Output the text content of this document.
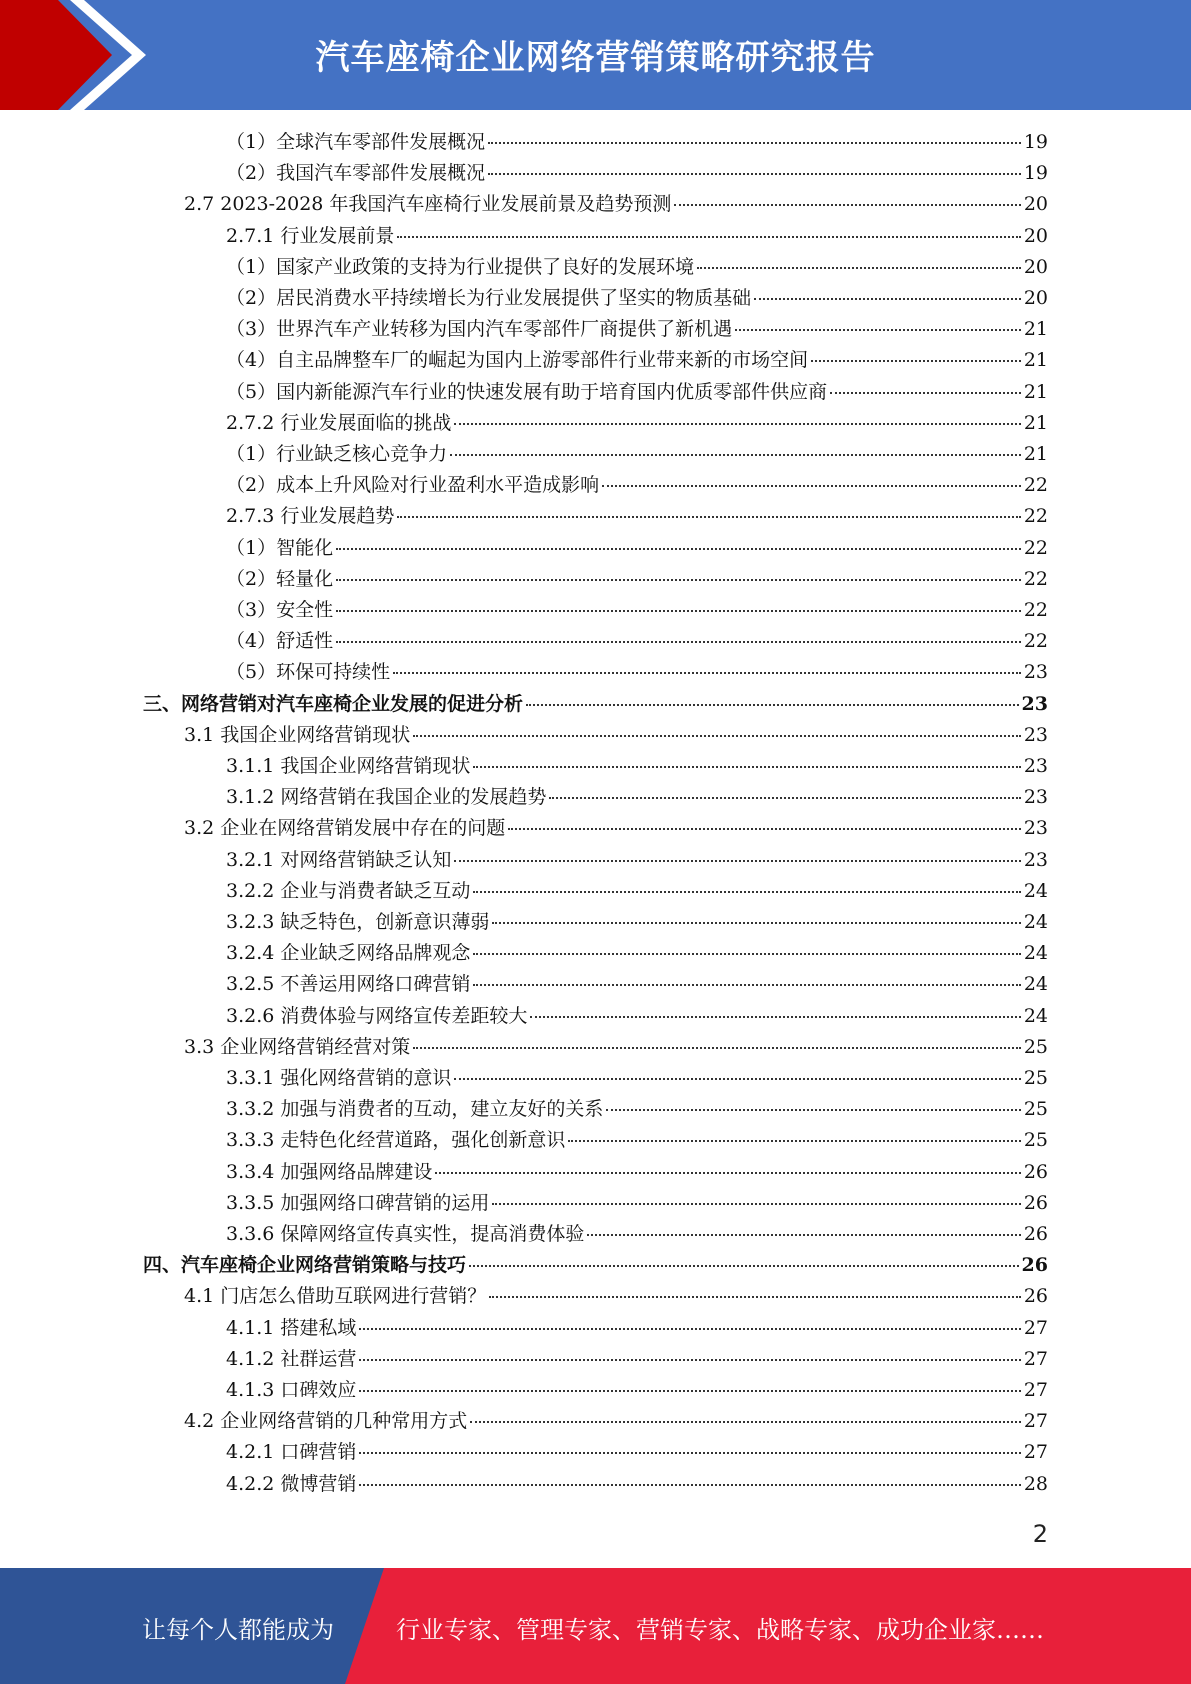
汽车座椅企业网络营销策略研究报告
（1）全球汽车零部件发展概况	19
（2）我国汽车零部件发展概况	19
2.7 2023-2028 年我国汽车座椅行业发展前景及趋势预测	20
2.7.1 行业发展前景	20
（1）国家产业政策的支持为行业提供了良好的发展环境	20
（2）居民消费水平持续增长为行业发展提供了坚实的物质基础	20
（3）世界汽车产业转移为国内汽车零部件厂商提供了新机遇	21
（4）自主品牌整车厂的崛起为国内上游零部件行业带来新的市场空间	21
（5）国内新能源汽车行业的快速发展有助于培育国内优质零部件供应商	21
2.7.2 行业发展面临的挑战	21
（1）行业缺乏核心竞争力	21
（2）成本上升风险对行业盈利水平造成影响	22
2.7.3 行业发展趋势	22
（1）智能化	22
（2）轻量化	22
（3）安全性	22
（4）舒适性	22
（5）环保可持续性	23
三、网络营销对汽车座椅企业发展的促进分析	23
3.1 我国企业网络营销现状	23
3.1.1 我国企业网络营销现状	23
3.1.2 网络营销在我国企业的发展趋势	23
3.2 企业在网络营销发展中存在的问题	23
3.2.1 对网络营销缺乏认知	23
3.2.2 企业与消费者缺乏互动	24
3.2.3 缺乏特色，创新意识薄弱	24
3.2.4 企业缺乏网络品牌观念	24
3.2.5 不善运用网络口碑营销	24
3.2.6 消费体验与网络宣传差距较大	24
3.3 企业网络营销经营对策	25
3.3.1 强化网络营销的意识	25
3.3.2 加强与消费者的互动，建立友好的关系	25
3.3.3 走特色化经营道路，强化创新意识	25
3.3.4 加强网络品牌建设	26
3.3.5 加强网络口碑营销的运用	26
3.3.6 保障网络宣传真实性，提高消费体验	26
四、汽车座椅企业网络营销策略与技巧	26
4.1 门店怎么借助互联网进行营销？	26
4.1.1 搭建私域	27
4.1.2 社群运营	27
4.1.3 口碑效应	27
4.2 企业网络营销的几种常用方式	27
4.2.1 口碑营销	27
4.2.2 微博营销	28
2
让每个人都能成为	行业专家、管理专家、营销专家、战略专家、成功企业家……
